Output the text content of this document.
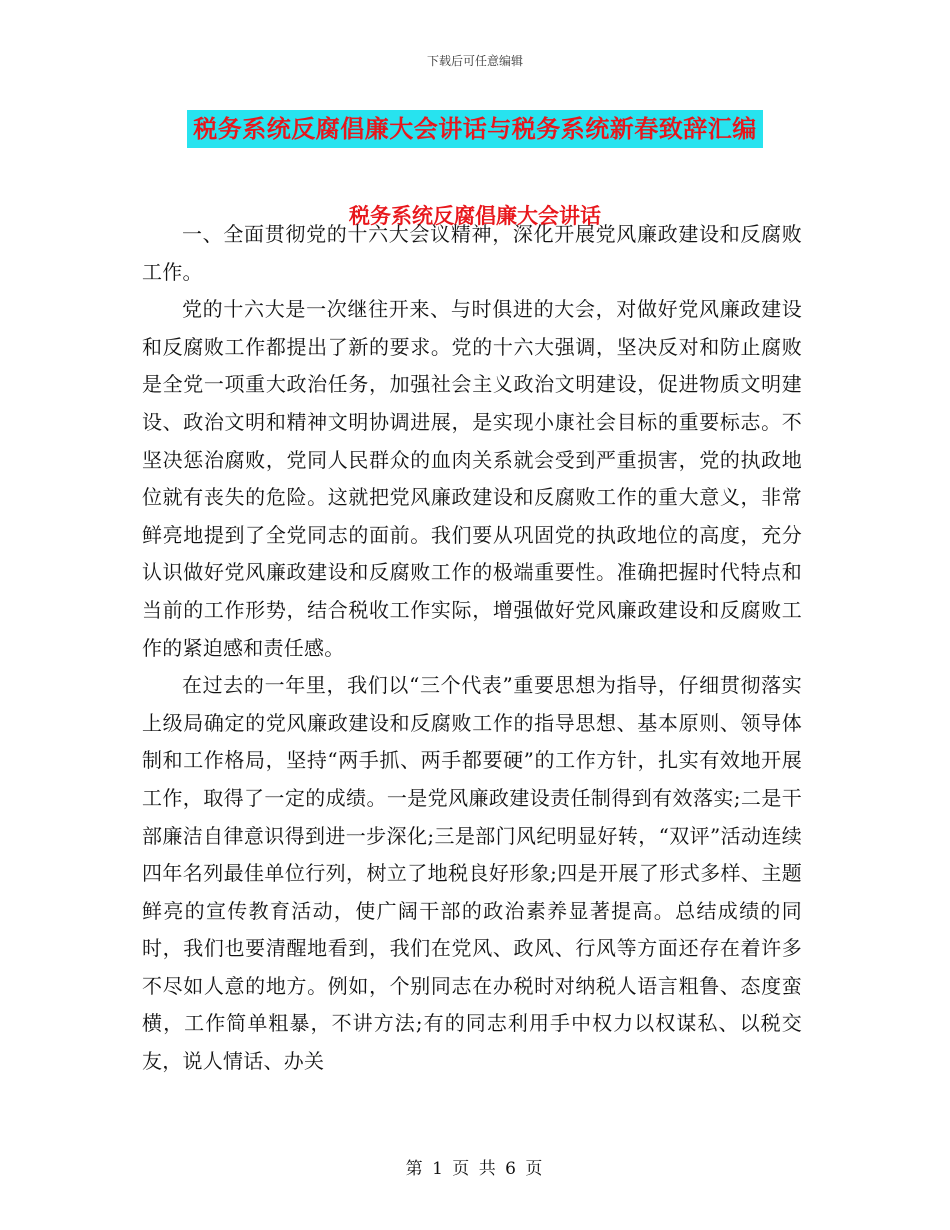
下载后可任意编辑
税务系统反腐倡廉大会讲话与税务系统新春致辞汇编
税务系统反腐倡廉大会讲话

一、全面贯彻党的十六大会议精神，深化开展党风廉政建设和反腐败工作。

党的十六大是一次继往开来、与时俱进的大会，对做好党风廉政建设和反腐败工作都提出了新的要求。党的十六大强调，坚决反对和防止腐败是全党一项重大政治任务，加强社会主义政治文明建设，促进物质文明建设、政治文明和精神文明协调进展，是实现小康社会目标的重要标志。不坚决惩治腐败，党同人民群众的血肉关系就会受到严重损害，党的执政地位就有丧失的危险。这就把党风廉政建设和反腐败工作的重大意义，非常鲜亮地提到了全党同志的面前。我们要从巩固党的执政地位的高度，充分认识做好党风廉政建设和反腐败工作的极端重要性。准确把握时代特点和当前的工作形势，结合税收工作实际，增强做好党风廉政建设和反腐败工作的紧迫感和责任感。

在过去的一年里，我们以“三个代表”重要思想为指导，仔细贯彻落实上级局确定的党风廉政建设和反腐败工作的指导思想、基本原则、领导体制和工作格局，坚持“两手抓、两手都要硬”的工作方针，扎实有效地开展工作，取得了一定的成绩。一是党风廉政建设责任制得到有效落实;二是干部廉洁自律意识得到进一步深化;三是部门风纪明显好转，“双评”活动连续四年名列最佳单位行列，树立了地税良好形象;四是开展了形式多样、主题鲜亮的宣传教育活动，使广阔干部的政治素养显著提高。总结成绩的同时，我们也要清醒地看到，我们在党风、政风、行风等方面还存在着许多不尽如人意的地方。例如，个别同志在办税时对纳税人语言粗鲁、态度蛮横，工作简单粗暴，不讲方法;有的同志利用手中权力以权谋私、以税交友，说人情话、办关

第 1 页 共 6 页
